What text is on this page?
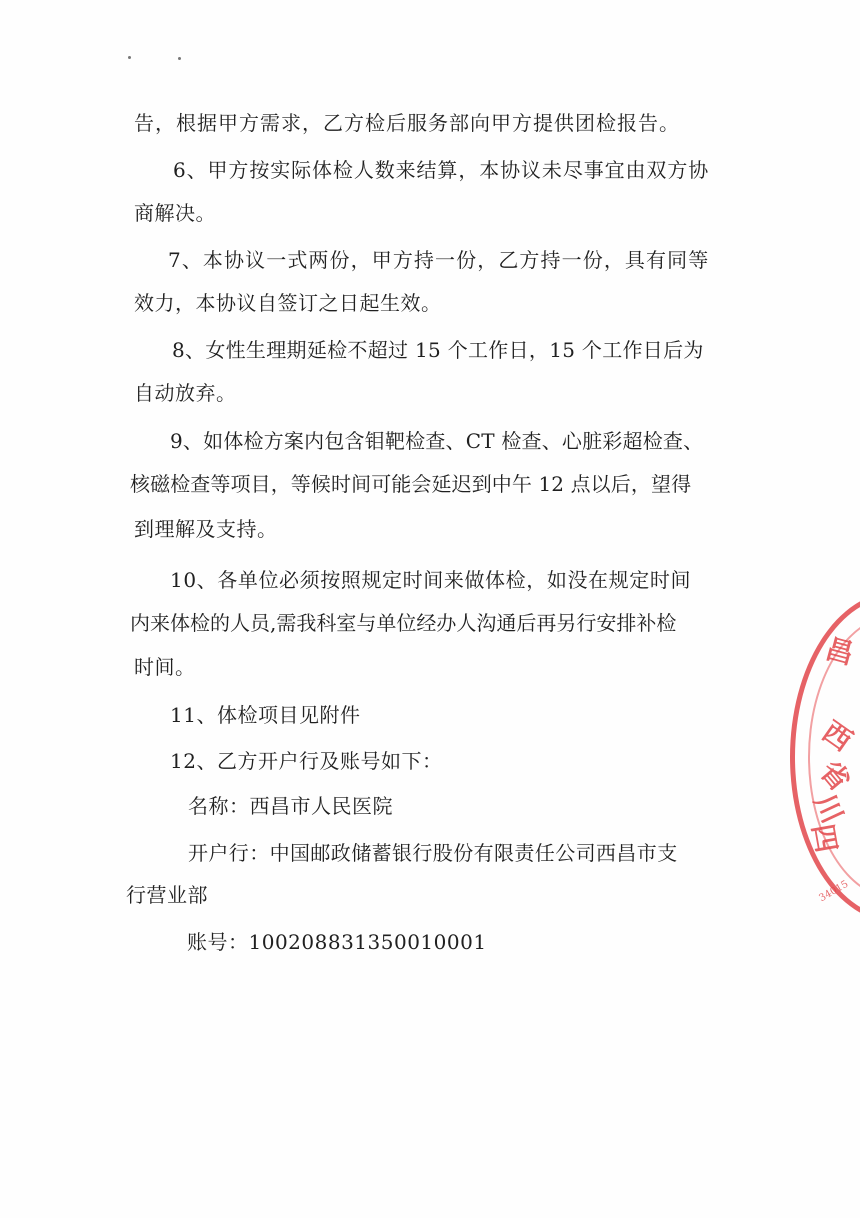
告，根据甲方需求，乙方检后服务部向甲方提供团检报告。
6、甲方按实际体检人数来结算，本协议未尽事宜由双方协
商解决。
7、本协议一式两份，甲方持一份，乙方持一份，具有同等
效力，本协议自签订之日起生效。
8、女性生理期延检不超过 15 个工作日，15 个工作日后为
自动放弃。
9、如体检方案内包含钼靶检查、CT 检查、心脏彩超检查、
核磁检查等项目，等候时间可能会延迟到中午 12 点以后，望得
到理解及支持。
10、各单位必须按照规定时间来做体检，如没在规定时间
内来体检的人员,需我科室与单位经办人沟通后再另行安排补检
时间。
11、体检项目见附件
12、乙方开户行及账号如下：
名称：西昌市人民医院
开户行：中国邮政储蓄银行股份有限责任公司西昌市支
行营业部
账号：100208831350010001
四
川
省
西
昌
34015
